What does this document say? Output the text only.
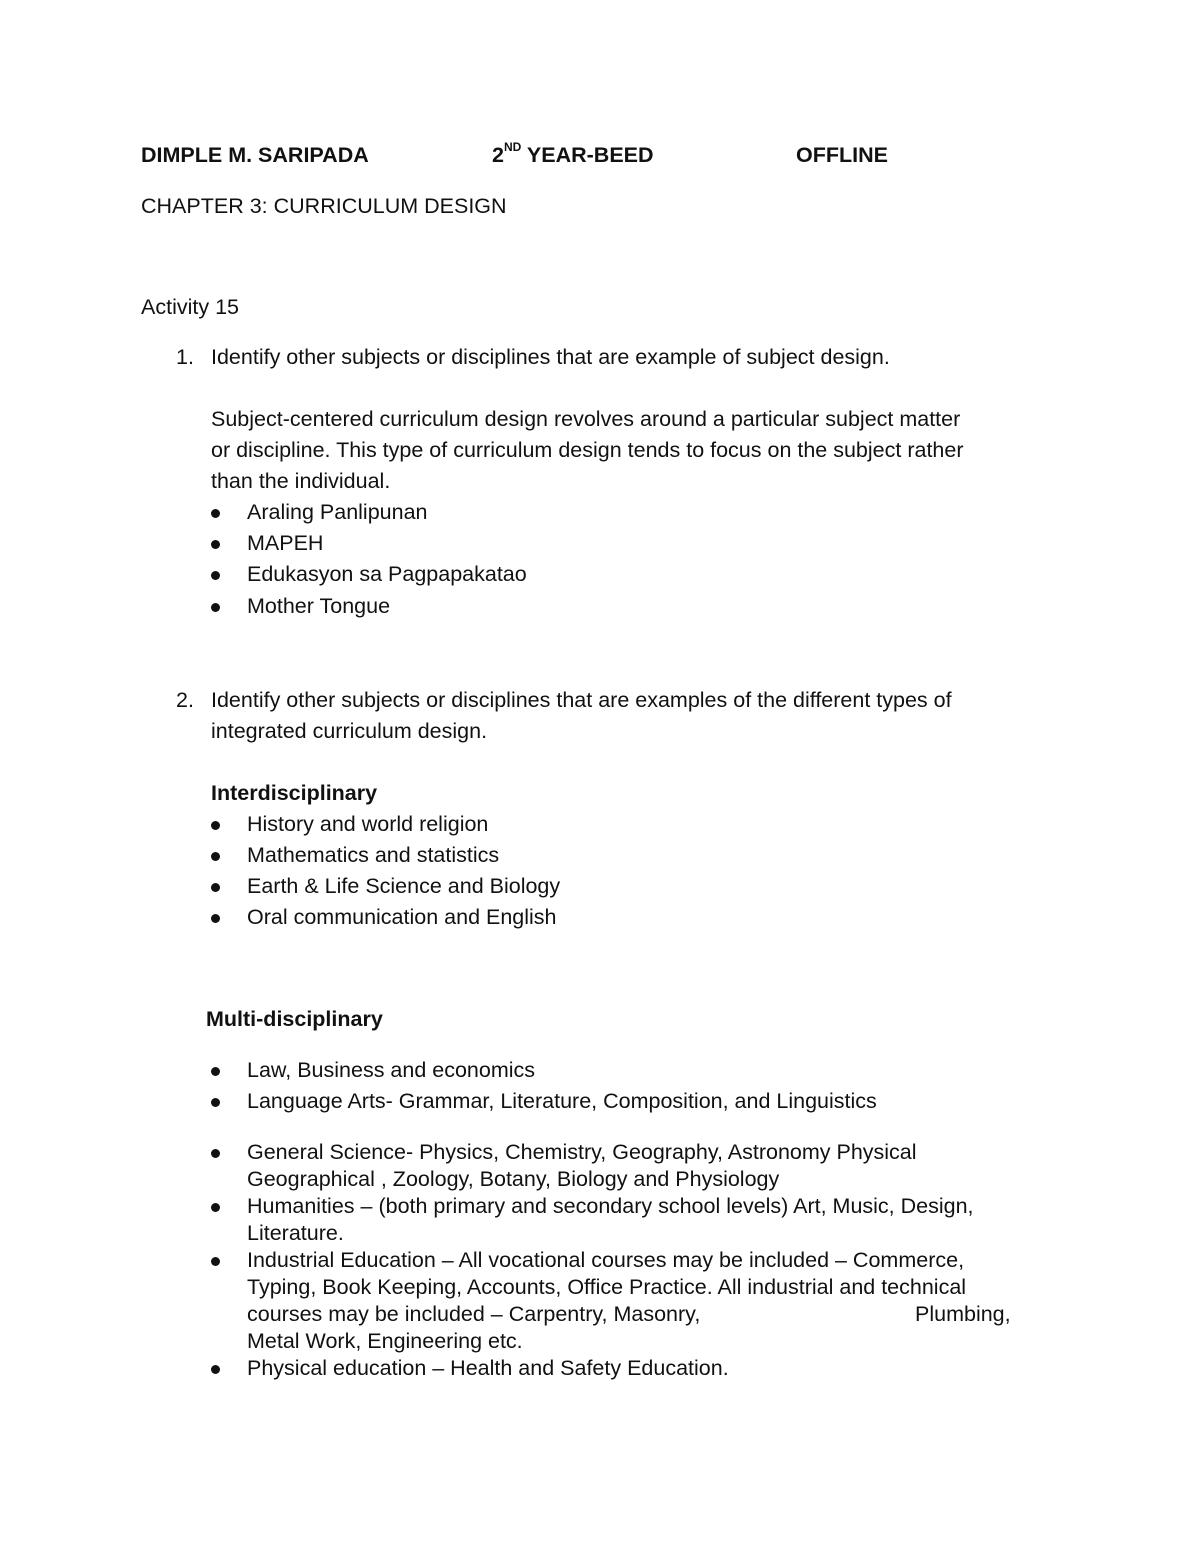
DIMPLE M. SARIPADA	2ND YEAR-BEED	OFFLINE
CHAPTER 3: CURRICULUM DESIGN
Activity 15
1. Identify other subjects or disciplines that are example of subject design.
Subject-centered curriculum design revolves around a particular subject matter
or discipline. This type of curriculum design tends to focus on the subject rather
than the individual.
Araling Panlipunan
MAPEH
Edukasyon sa Pagpapakatao
Mother Tongue
2. Identify other subjects or disciplines that are examples of the different types of
integrated curriculum design.
Interdisciplinary
History and world religion
Mathematics and statistics
Earth & Life Science and Biology
Oral communication and English
Multi-disciplinary
Law, Business and economics
Language Arts- Grammar, Literature, Composition, and Linguistics
General Science- Physics, Chemistry, Geography, Astronomy Physical
Geographical , Zoology, Botany, Biology and Physiology
Humanities – (both primary and secondary school levels) Art, Music, Design,
Literature.
Industrial Education – All vocational courses may be included – Commerce,
Typing, Book Keeping, Accounts, Office Practice. All industrial and technical
courses may be included – Carpentry, Masonry,	Plumbing,
Metal Work, Engineering etc.
Physical education – Health and Safety Education.
